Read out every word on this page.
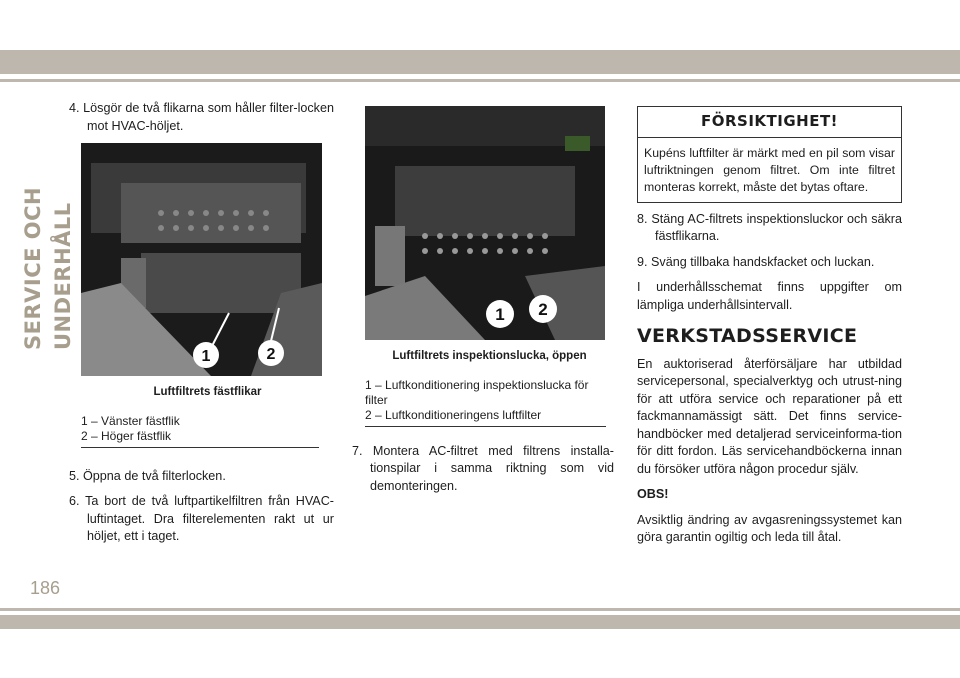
SERVICE OCH UNDERHÅLL

4. Lösgör de två flikarna som håller filter-locken mot HVAC-höljet.

1	2
Luftfiltrets fästflikar
1 – Vänster fästflik
2 – Höger fästflik

5. Öppna de två filterlocken.

6. Ta bort de två luftpartikelfiltren från HVAC-luftintaget. Dra filterelementen rakt ut ur höljet, ett i taget.

1 2
Luftfiltrets inspektionslucka, öppen
1 – Luftkonditionering inspektionslucka för filter
2 – Luftkonditioneringens luftfilter

7. Montera AC-filtret med filtrens installa-tionspilar i samma riktning som vid demonteringen.

FÖRSIKTIGHET!
Kupéns luftfilter är märkt med en pil som visar luftriktningen genom filtret. Om inte filtret monteras korrekt, måste det bytas oftare.

8. Stäng AC-filtrets inspektionsluckor och säkra fästflikarna.

9. Sväng tillbaka handskfacket och luckan.

I underhållsschemat finns uppgifter om lämpliga underhållsintervall.

VERKSTADSSERVICE

En auktoriserad återförsäljare har utbildad servicepersonal, specialverktyg och utrust-ning för att utföra service och reparationer på ett fackmannamässigt sätt. Det finns service-handböcker med detaljerad serviceinforma-tion för ditt fordon. Läs servicehandböckerna innan du försöker utföra någon procedur själv.

OBS!

Avsiktlig ändring av avgasreningssystemet kan göra garantin ogiltig och leda till åtal.

186
